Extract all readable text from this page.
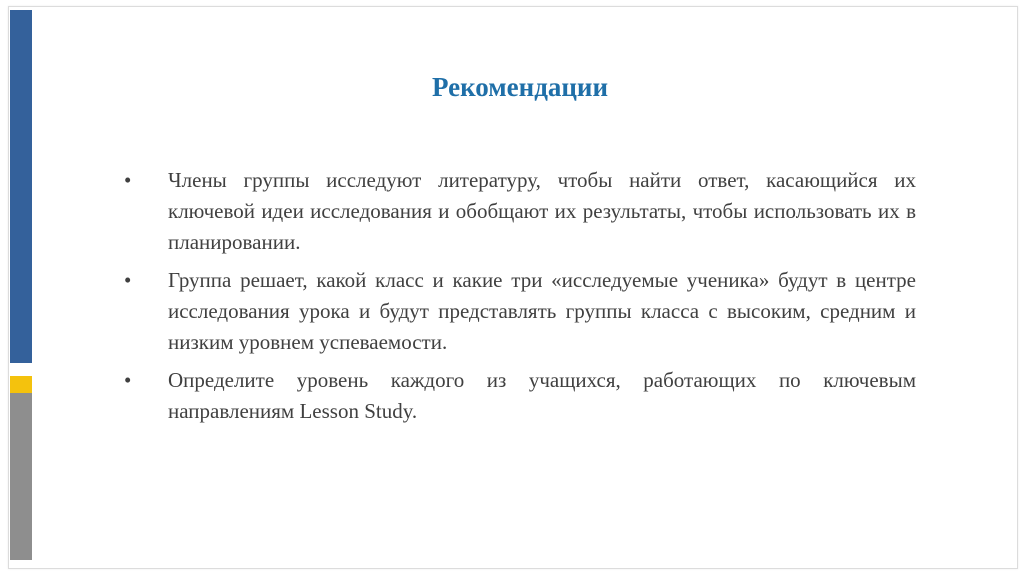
Рекомендации
•	Члены группы исследуют литературу, чтобы найти ответ, касающийся их ключевой идеи исследования и обобщают их результаты, чтобы использовать их в планировании.
•	Группа решает, какой класс и какие три «исследуемые ученика» будут в центре исследования урока и будут представлять группы класса с высоким, средним и низким уровнем успеваемости.
•	Определите уровень каждого из учащихся, работающих по ключевым направлениям Lesson Study.
